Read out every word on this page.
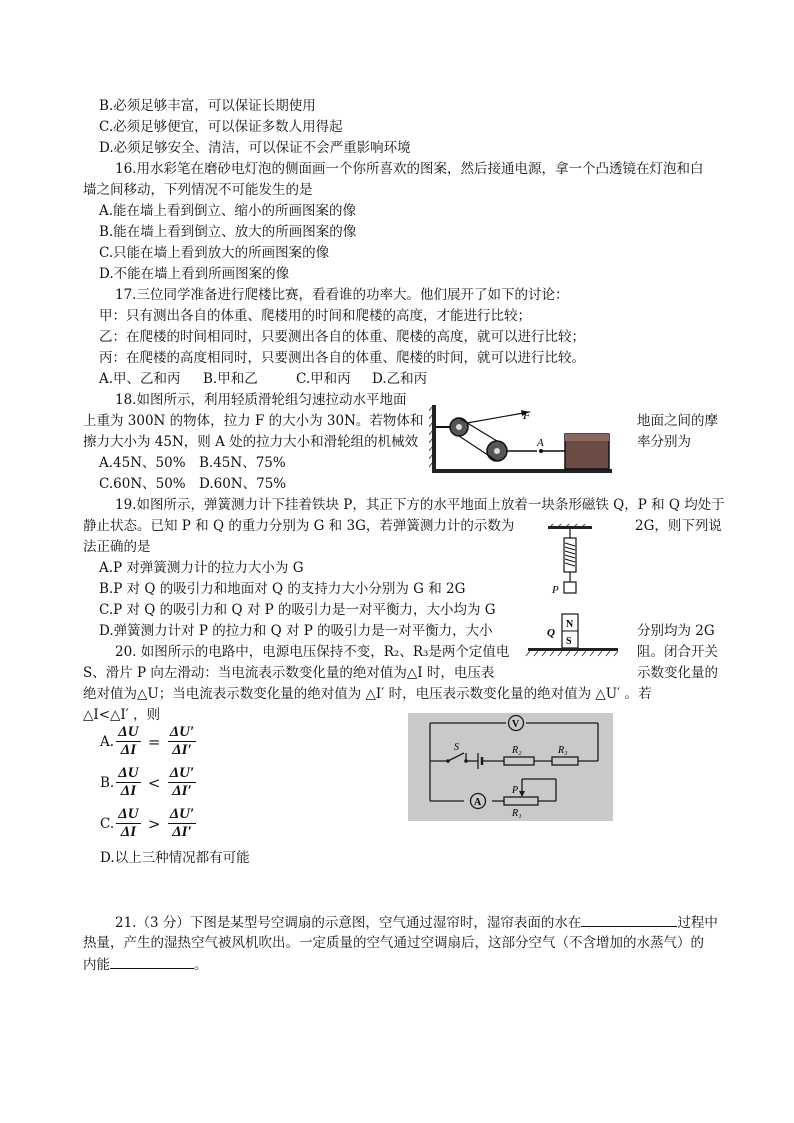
B.必须足够丰富，可以保证长期使用
C.必须足够便宜，可以保证多数人用得起
D.必须足够安全、清洁，可以保证不会严重影响环境
16.用水彩笔在磨砂电灯泡的侧面画一个你所喜欢的图案，然后接通电源，拿一个凸透镜在灯泡和白
墙之间移动，下列情况不可能发生的是
A.能在墙上看到倒立、缩小的所画图案的像
B.能在墙上看到倒立、放大的所画图案的像
C.只能在墙上看到放大的所画图案的像
D.不能在墙上看到所画图案的像
17.三位同学准备进行爬楼比赛，看看谁的功率大。他们展开了如下的讨论：
甲：只有测出各自的体重、爬楼用的时间和爬楼的高度，才能进行比较；
乙：在爬楼的时间相同时，只要测出各自的体重、爬楼的高度，就可以进行比较；
丙：在爬楼的高度相同时，只要测出各自的体重、爬楼的时间，就可以进行比较。
A.甲、乙和丙 B.甲和乙	C.甲和丙 D.乙和丙
18.如图所示，利用轻质滑轮组匀速拉动水平地面
上重为 300N 的物体，拉力 F 的大小为 30N。若物体和	地面之间的摩
擦力大小为 45N，则 A 处的拉力大小和滑轮组的机械效	率分别为
A.45N、50% B.45N、75%
C.60N、50% D.60N、75%
F
A
19.如图所示，弹簧测力计下挂着铁块 P，其正下方的水平地面上放着一块条形磁铁 Q，P 和 Q 均处于
静止状态。已知 P 和 Q 的重力分别为 G 和 3G，若弹簧测力计的示数为	2G，则下列说
法正确的是
A.P 对弹簧测力计的拉力大小为 G
B.P 对 Q 的吸引力和地面对 Q 的支持力大小分别为 G 和 2G
C.P 对 Q 的吸引力和 Q 对 P 的吸引力是一对平衡力，大小均为 G
D.弹簧测力计对 P 的拉力和 Q 对 P 的吸引力是一对平衡力，大小	分别均为 2G
P
N
S
Q
20. 如图所示的电路中，电源电压保持不变，R₂、R₃是两个定值电	阻。闭合开关
S、滑片 P 向左滑动：当电流表示数变化量的绝对值为△I 时，电压表	示数变化量的
绝对值为△U；当电流表示数变化量的绝对值为 △I′ 时，电压表示数变化量的绝对值为 △U′ 。若
△I<△I′ ，则
A. $\frac{\Delta U}{\Delta I} = \frac{\Delta U'}{\Delta I'}$
B. $\frac{\Delta U}{\Delta I} < \frac{\Delta U'}{\Delta I'}$
C. $\frac{\Delta U}{\Delta I} > \frac{\Delta U'}{\Delta I'}$
D.以上三种情况都有可能
V
A
S	R₂	R₃
R₁
P
21.（3 分）下图是某型号空调扇的示意图，空气通过湿帘时，湿帘表面的水在	过程中
热量，产生的湿热空气被风机吹出。一定质量的空气通过空调扇后，这部分空气（不含增加的水蒸气）的
内能	。
